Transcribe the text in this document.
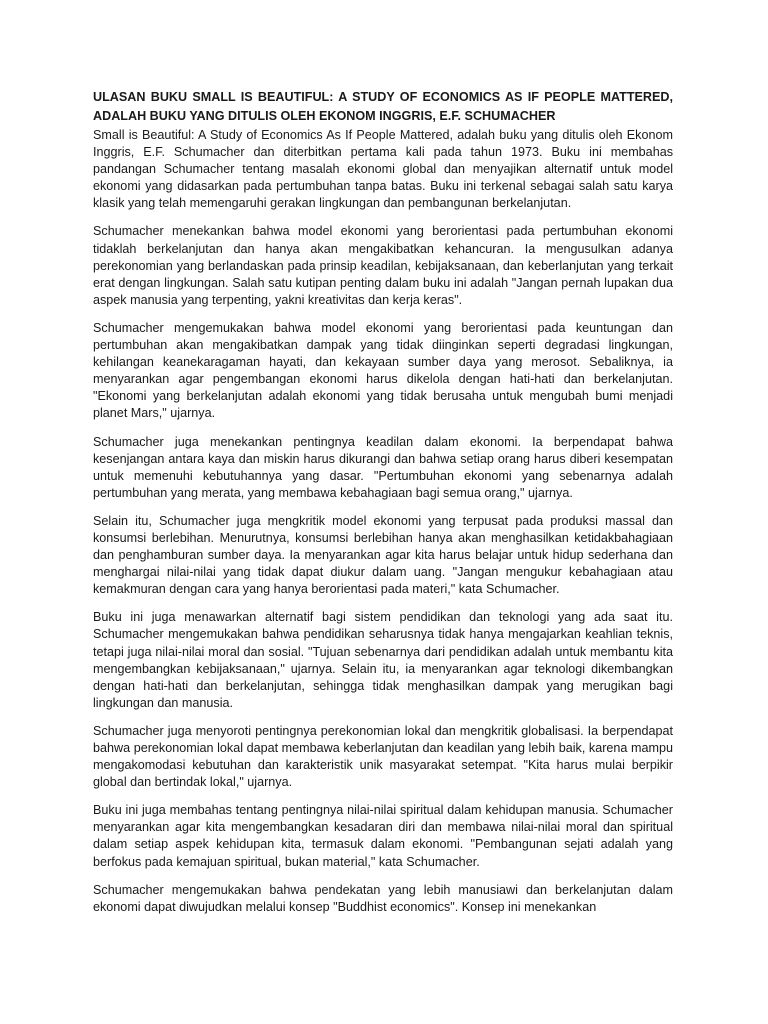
ULASAN BUKU SMALL IS BEAUTIFUL: A STUDY OF ECONOMICS AS IF PEOPLE MATTERED, ADALAH BUKU YANG DITULIS OLEH EKONOM INGGRIS, E.F. SCHUMACHER

Small is Beautiful: A Study of Economics As If People Mattered, adalah buku yang ditulis oleh Ekonom Inggris, E.F. Schumacher dan diterbitkan pertama kali pada tahun 1973. Buku ini membahas pandangan Schumacher tentang masalah ekonomi global dan menyajikan alternatif untuk model ekonomi yang didasarkan pada pertumbuhan tanpa batas. Buku ini terkenal sebagai salah satu karya klasik yang telah memengaruhi gerakan lingkungan dan pembangunan berkelanjutan.

Schumacher menekankan bahwa model ekonomi yang berorientasi pada pertumbuhan ekonomi tidaklah berkelanjutan dan hanya akan mengakibatkan kehancuran. Ia mengusulkan adanya perekonomian yang berlandaskan pada prinsip keadilan, kebijaksanaan, dan keberlanjutan yang terkait erat dengan lingkungan. Salah satu kutipan penting dalam buku ini adalah "Jangan pernah lupakan dua aspek manusia yang terpenting, yakni kreativitas dan kerja keras".

Schumacher mengemukakan bahwa model ekonomi yang berorientasi pada keuntungan dan pertumbuhan akan mengakibatkan dampak yang tidak diinginkan seperti degradasi lingkungan, kehilangan keanekaragaman hayati, dan kekayaan sumber daya yang merosot. Sebaliknya, ia menyarankan agar pengembangan ekonomi harus dikelola dengan hati-hati dan berkelanjutan. "Ekonomi yang berkelanjutan adalah ekonomi yang tidak berusaha untuk mengubah bumi menjadi planet Mars," ujarnya.

Schumacher juga menekankan pentingnya keadilan dalam ekonomi. Ia berpendapat bahwa kesenjangan antara kaya dan miskin harus dikurangi dan bahwa setiap orang harus diberi kesempatan untuk memenuhi kebutuhannya yang dasar. "Pertumbuhan ekonomi yang sebenarnya adalah pertumbuhan yang merata, yang membawa kebahagiaan bagi semua orang," ujarnya.

Selain itu, Schumacher juga mengkritik model ekonomi yang terpusat pada produksi massal dan konsumsi berlebihan. Menurutnya, konsumsi berlebihan hanya akan menghasilkan ketidakbahagiaan dan penghamburan sumber daya. Ia menyarankan agar kita harus belajar untuk hidup sederhana dan menghargai nilai-nilai yang tidak dapat diukur dalam uang. "Jangan mengukur kebahagiaan atau kemakmuran dengan cara yang hanya berorientasi pada materi," kata Schumacher.

Buku ini juga menawarkan alternatif bagi sistem pendidikan dan teknologi yang ada saat itu. Schumacher mengemukakan bahwa pendidikan seharusnya tidak hanya mengajarkan keahlian teknis, tetapi juga nilai-nilai moral dan sosial. "Tujuan sebenarnya dari pendidikan adalah untuk membantu kita mengembangkan kebijaksanaan," ujarnya. Selain itu, ia menyarankan agar teknologi dikembangkan dengan hati-hati dan berkelanjutan, sehingga tidak menghasilkan dampak yang merugikan bagi lingkungan dan manusia.

Schumacher juga menyoroti pentingnya perekonomian lokal dan mengkritik globalisasi. Ia berpendapat bahwa perekonomian lokal dapat membawa keberlanjutan dan keadilan yang lebih baik, karena mampu mengakomodasi kebutuhan dan karakteristik unik masyarakat setempat. "Kita harus mulai berpikir global dan bertindak lokal," ujarnya.

Buku ini juga membahas tentang pentingnya nilai-nilai spiritual dalam kehidupan manusia. Schumacher menyarankan agar kita mengembangkan kesadaran diri dan membawa nilai-nilai moral dan spiritual dalam setiap aspek kehidupan kita, termasuk dalam ekonomi. "Pembangunan sejati adalah yang berfokus pada kemajuan spiritual, bukan material," kata Schumacher.

Schumacher mengemukakan bahwa pendekatan yang lebih manusiawi dan berkelanjutan dalam ekonomi dapat diwujudkan melalui konsep "Buddhist economics". Konsep ini menekankan
